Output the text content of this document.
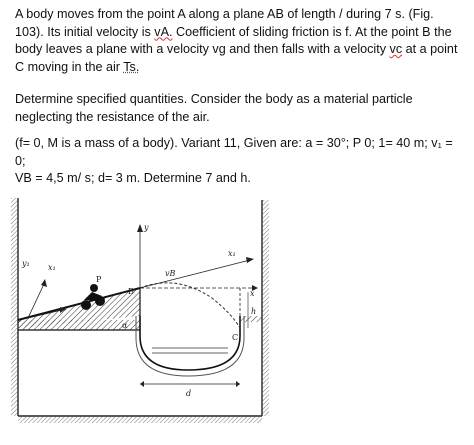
A body moves from the point A along a plane AB of length / during 7 s. (Fig. 103). Its initial velocity is vA. Coefficient of sliding friction is f. At the point B the body leaves a plane with a velocity vg and then falls with a velocity vc at a point C moving in the air Ts.
Determine specified quantities. Consider the body as a material particle neglecting the resistance of the air.
(f= 0, M is a mass of a body). Variant 11, Given are: a = 30°; P 0; 1= 40 m; v₁ = 0;
VB = 4,5 m/ s; d= 3 m. Determine 7 and h.
y₁ x₁
P
B
vB
y
x₁
x
C
h
α
d
